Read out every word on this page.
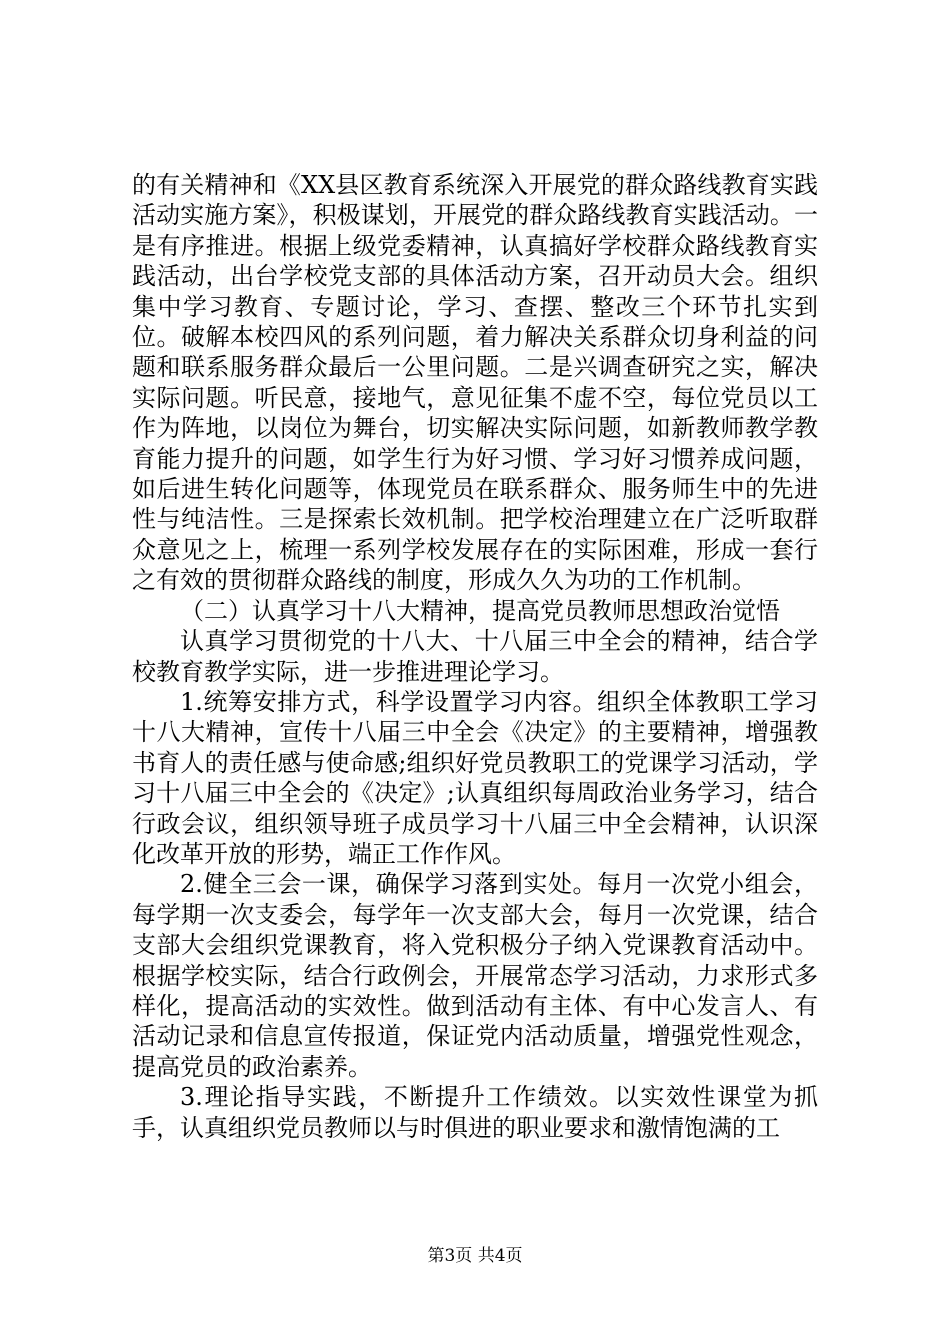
的有关精神和《XX县区教育系统深入开展党的群众路线教育实践活动实施方案》，积极谋划，开展党的群众路线教育实践活动。一是有序推进。根据上级党委精神，认真搞好学校群众路线教育实践活动，出台学校党支部的具体活动方案，召开动员大会。组织集中学习教育、专题讨论，学习、查摆、整改三个环节扎实到位。破解本校四风的系列问题，着力解决关系群众切身利益的问题和联系服务群众最后一公里问题。二是兴调查研究之实，解决实际问题。听民意，接地气，意见征集不虚不空，每位党员以工作为阵地，以岗位为舞台，切实解决实际问题，如新教师教学教育能力提升的问题，如学生行为好习惯、学习好习惯养成问题，如后进生转化问题等，体现党员在联系群众、服务师生中的先进性与纯洁性。三是探索长效机制。把学校治理建立在广泛听取群众意见之上，梳理一系列学校发展存在的实际困难，形成一套行之有效的贯彻群众路线的制度，形成久久为功的工作机制。

（二）认真学习十八大精神，提高党员教师思想政治觉悟

认真学习贯彻党的十八大、十八届三中全会的精神，结合学校教育教学实际，进一步推进理论学习。

1.统筹安排方式，科学设置学习内容。组织全体教职工学习十八大精神，宣传十八届三中全会《决定》的主要精神，增强教书育人的责任感与使命感;组织好党员教职工的党课学习活动，学习十八届三中全会的《决定》;认真组织每周政治业务学习，结合行政会议，组织领导班子成员学习十八届三中全会精神，认识深化改革开放的形势，端正工作作风。

2.健全三会一课，确保学习落到实处。每月一次党小组会，每学期一次支委会，每学年一次支部大会，每月一次党课，结合支部大会组织党课教育，将入党积极分子纳入党课教育活动中。根据学校实际，结合行政例会，开展常态学习活动，力求形式多样化，提高活动的实效性。做到活动有主体、有中心发言人、有活动记录和信息宣传报道，保证党内活动质量，增强党性观念，提高党员的政治素养。

3.理论指导实践，不断提升工作绩效。以实效性课堂为抓手，认真组织党员教师以与时俱进的职业要求和激情饱满的工

第3页 共4页
